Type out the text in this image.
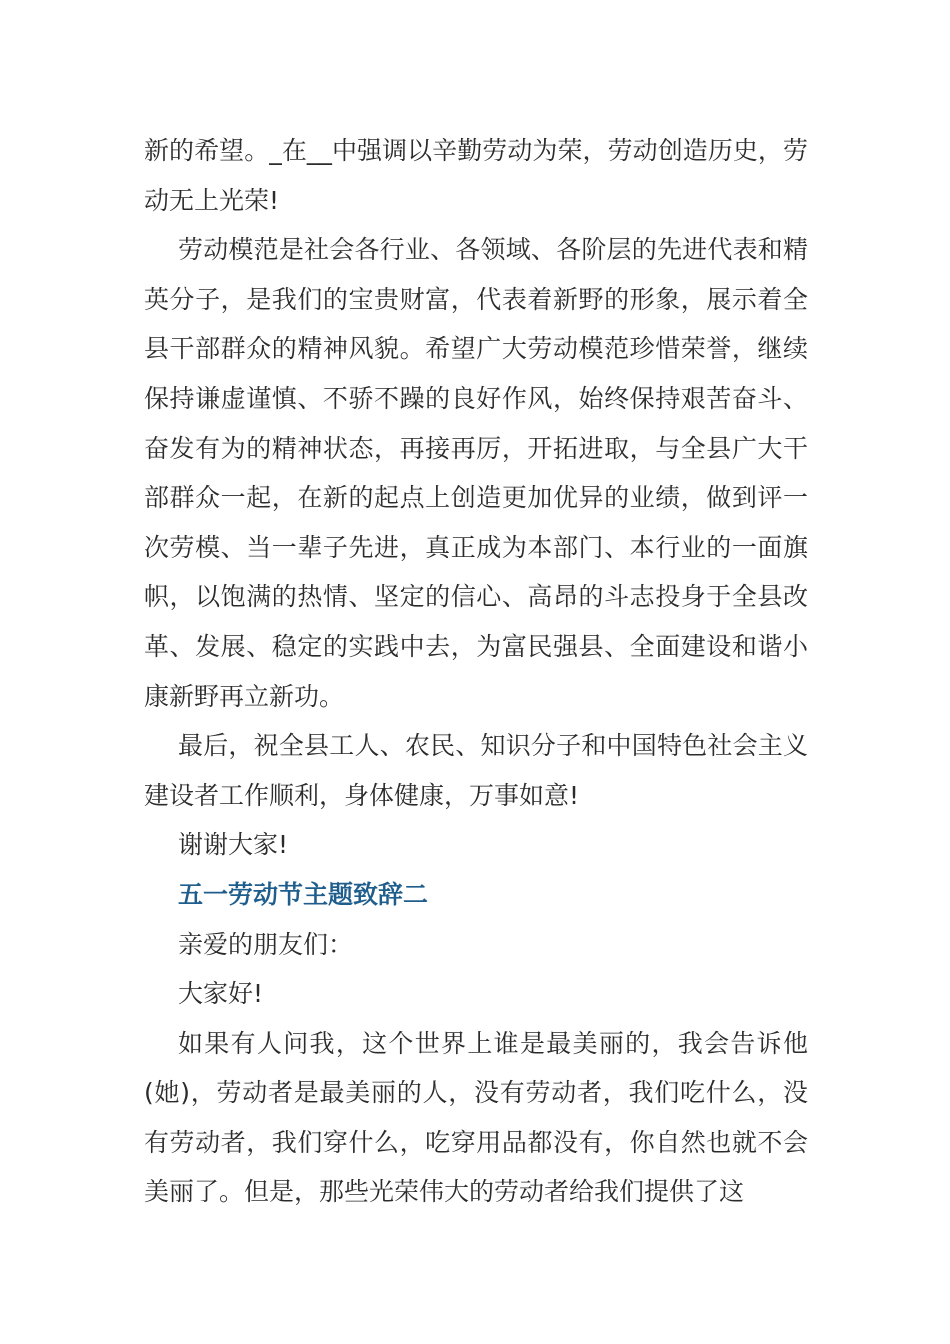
新的希望。_在__中强调以辛勤劳动为荣，劳动创造历史，劳动无上光荣!

劳动模范是社会各行业、各领域、各阶层的先进代表和精英分子，是我们的宝贵财富，代表着新野的形象，展示着全县干部群众的精神风貌。希望广大劳动模范珍惜荣誉，继续保持谦虚谨慎、不骄不躁的良好作风，始终保持艰苦奋斗、奋发有为的精神状态，再接再厉，开拓进取，与全县广大干部群众一起，在新的起点上创造更加优异的业绩，做到评一次劳模、当一辈子先进，真正成为本部门、本行业的一面旗帜，以饱满的热情、坚定的信心、高昂的斗志投身于全县改革、发展、稳定的实践中去，为富民强县、全面建设和谐小康新野再立新功。

最后，祝全县工人、农民、知识分子和中国特色社会主义建设者工作顺利，身体健康，万事如意!

谢谢大家!

五一劳动节主题致辞二

亲爱的朋友们：

大家好!

如果有人问我，这个世界上谁是最美丽的，我会告诉他(她)，劳动者是最美丽的人，没有劳动者，我们吃什么，没有劳动者，我们穿什么，吃穿用品都没有，你自然也就不会美丽了。但是，那些光荣伟大的劳动者给我们提供了这
